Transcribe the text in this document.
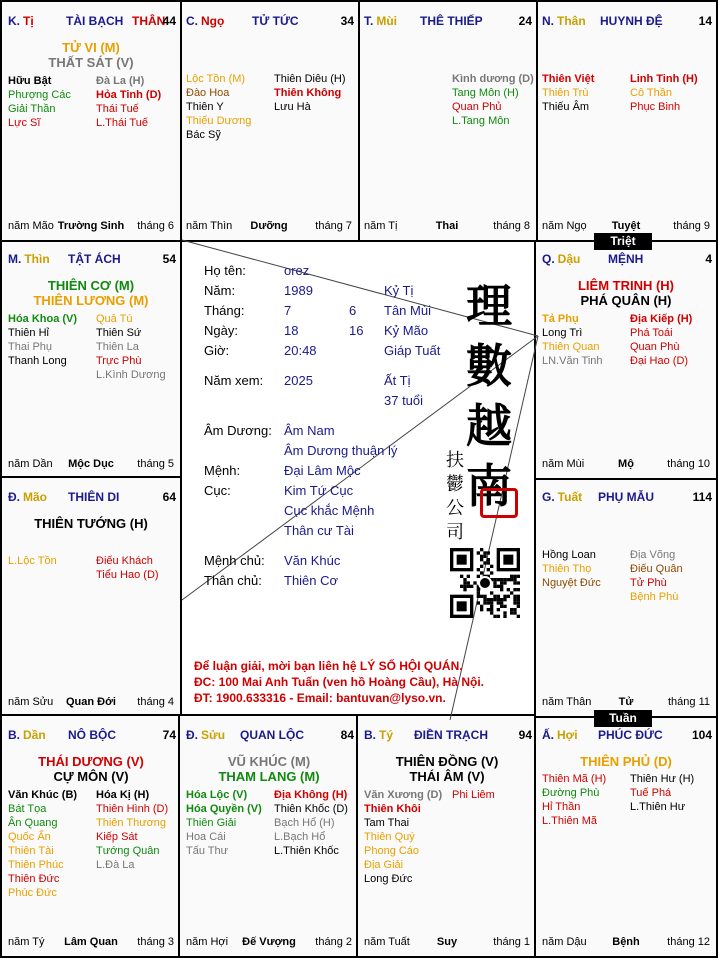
M. Thìn TẬT ÁCH	54
THIÊN CƠ (M)
THIÊN LƯƠNG (M)
Hóa Khoa (V)
Thiên Hỉ
Thai Phụ
Thanh Long
Quả Tú
Thiên Sứ
Thiên La
Trực Phù
L.Kình Dương
năm Dần	Mộc Dục	tháng 5
Đ. Mão THIÊN DI	64
THIÊN TƯỚNG (H)
L.Lộc Tồn	Điếu Khách
Tiểu Hao (D)
năm Sửu	Quan Đới	tháng 4
B. Dần NÔ BỘC	74
THÁI DƯƠNG (V)
CỰ MÔN (V)
Văn Khúc (B)
Bát Tọa
Ân Quang
Quốc Ấn
Thiên Tài
Thiên Phúc
Thiên Đức
Phúc Đức
Hóa Kị (H)
Thiên Hình (D)
Thiên Thương
Kiếp Sát
Tướng Quân
L.Đà La
năm Tý	Lâm Quan	tháng 3
Đ. Sửu QUAN LỘC	84
VŨ KHÚC (M)
THAM LANG (M)
Hóa Lộc (V)
Hóa Quyền (V)
Thiên Giải
Hoa Cái
Tấu Thư
Địa Không (H)
Thiên Khốc (D)
Bạch Hổ (H)
L.Bạch Hổ
L.Thiên Khốc
năm Hợi	Đế Vượng	tháng 2
B. Tý ĐIỀN TRẠCH	94
THIÊN ĐỒNG (V)
THÁI ÂM (V)
Văn Xương (D)
Thiên Khôi
Tam Thai
Thiên Quý
Phong Cáo
Địa Giải
Long Đức
Phi Liêm
năm Tuất	Suy	tháng 1
Ấ. Hợi PHÚC ĐỨC 104
THIÊN PHỦ (D)
Thiên Mã (H)
Đường Phù
Hỉ Thần
L.Thiên Mã
Thiên Hư (H)
Tuế Phá
L.Thiên Hư
năm Dậu	Bệnh	tháng 12
G. Tuất PHỤ MẪU	114
Hồng Loan
Thiên Thọ
Nguyệt Đức
Địa Võng
Điếu Quân
Tử Phù
Bệnh Phù
năm Thân	Tử	tháng 11
Q. Dậu MỆNH	4
LIÊM TRINH (H)
PHÁ QUÂN (H)
Tả Phụ
Long Trì
Thiên Quan
LN.Văn Tinh
Địa Kiếp (H)
Phá Toái
Quan Phù
Đại Hao (D)
năm Mùi	Mộ	tháng 10
N. Thân HUYNH ĐỆ	14
Thiên Việt
Thiên Trù
Thiếu Âm
Linh Tinh (H)
Cô Thần
Phục Binh
năm Ngọ	Tuyệt	tháng 9
T. Mùi THÊ THIẾP	24
Kình dương (D)
Tang Môn (H)
Quan Phủ
L.Tang Môn
năm Tị	Thai	tháng 8
C. Ngọ TỬ TỨC	34
Lộc Tồn (M)
Đào Hoa
Thiên Y
Thiếu Dương
Bác Sỹ
Thiên Diêu (H)
Thiên Không
Lưu Hà
năm Thìn	Dưỡng	tháng 7
K. Tị	TÀI BẠCH THÂN
44
TỬ VI (M)
THẤT SÁT (V)
Hữu Bật
Phượng Các
Giải Thần
Lực Sĩ
Đà La (H)
Hỏa Tinh (D)
Thái Tuế
L.Thái Tuế
năm Mão Trường Sinh	tháng 6
Họ tên:	orez
Năm:	1989	Kỷ Tị
Tháng:	7	6 Tân Mùi
Ngày:	18	16 Kỷ Mão
Giờ:	20:48	Giáp Tuất
Năm xem: 2025	Ất Tị
37 tuổi
Âm Dương: Âm Nam
Âm Dương thuận lý
Mệnh:	Đại Lâm Mộc
Cục:	Kim Tứ Cục
Cục khắc Mệnh
Thân cư Tài
Mệnh chủ: Văn Khúc
Thân chủ: Thiên Cơ
理
數
越
南
扶
鬱
公
司
Để luận giải, mời bạn liên hệ LÝ SỐ HỘI QUÁN.
ĐC: 100 Mai Anh Tuấn (ven hồ Hoàng Cầu), Hà Nội.
ĐT: 1900.633316 - Email: bantuvan@lyso.vn.
Triệt
Tuần
